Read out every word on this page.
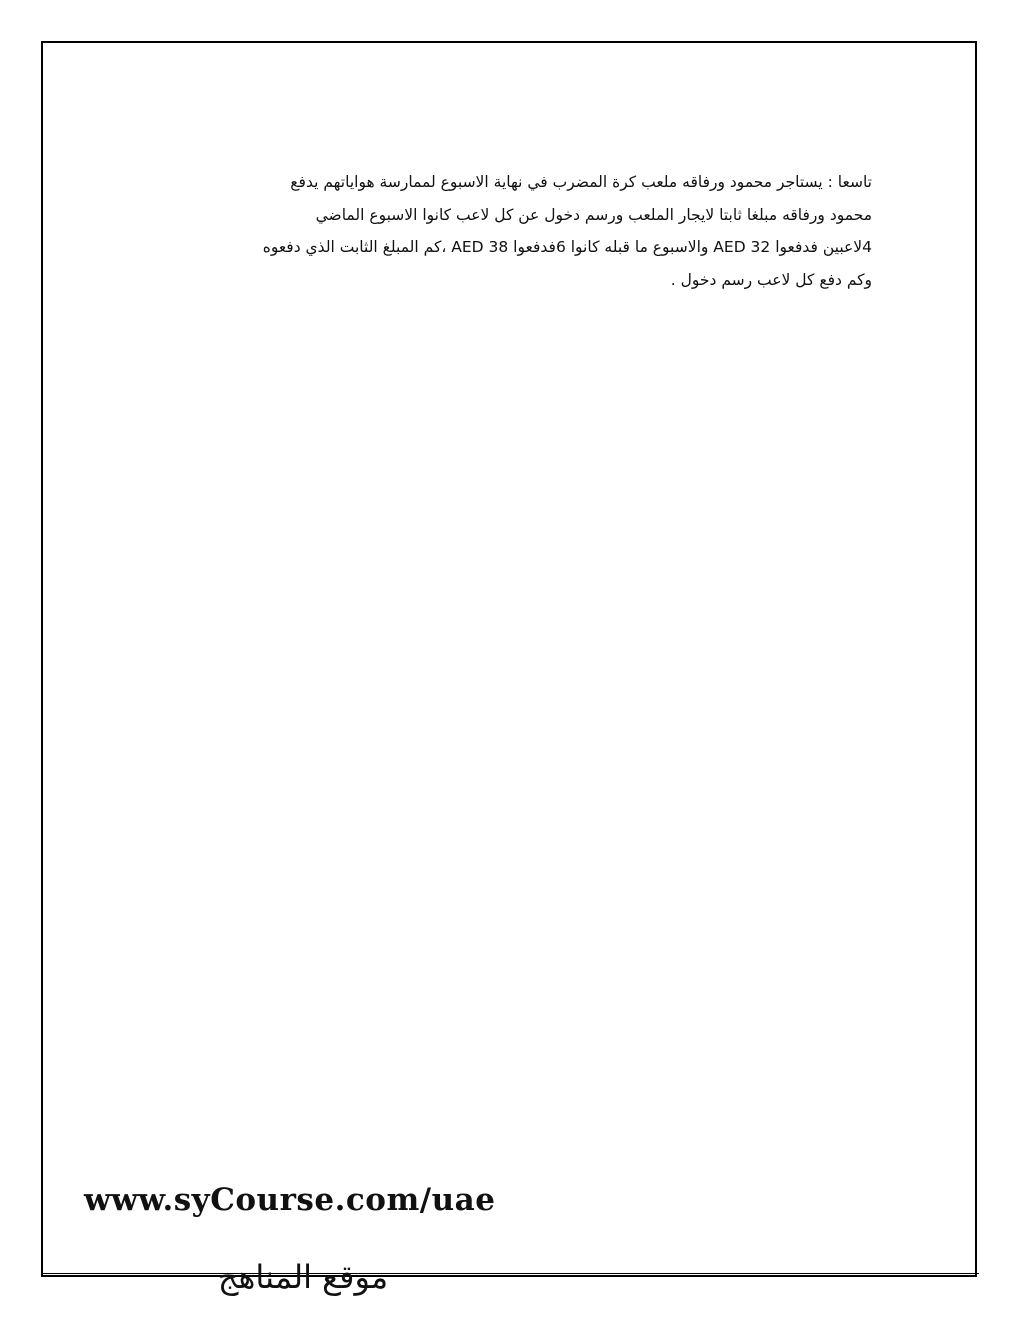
تاسعا : يستاجر محمود ورفاقه ملعب كرة المضرب في نهاية الاسبوع لممارسة هواياتهم يدفع
محمود ورفاقه مبلغا ثابتا لايجار الملعب ورسم دخول عن كل لاعب كانوا الاسبوع الماضي
4لاعبين فدفعوا AED 32 والاسبوع ما قبله كانوا 6فدفعوا AED 38 ،كم المبلغ الثابت الذي دفعوه
وكم دفع كل لاعب رسم دخول .
www.syCourse.com/uae
موقع المناهج
